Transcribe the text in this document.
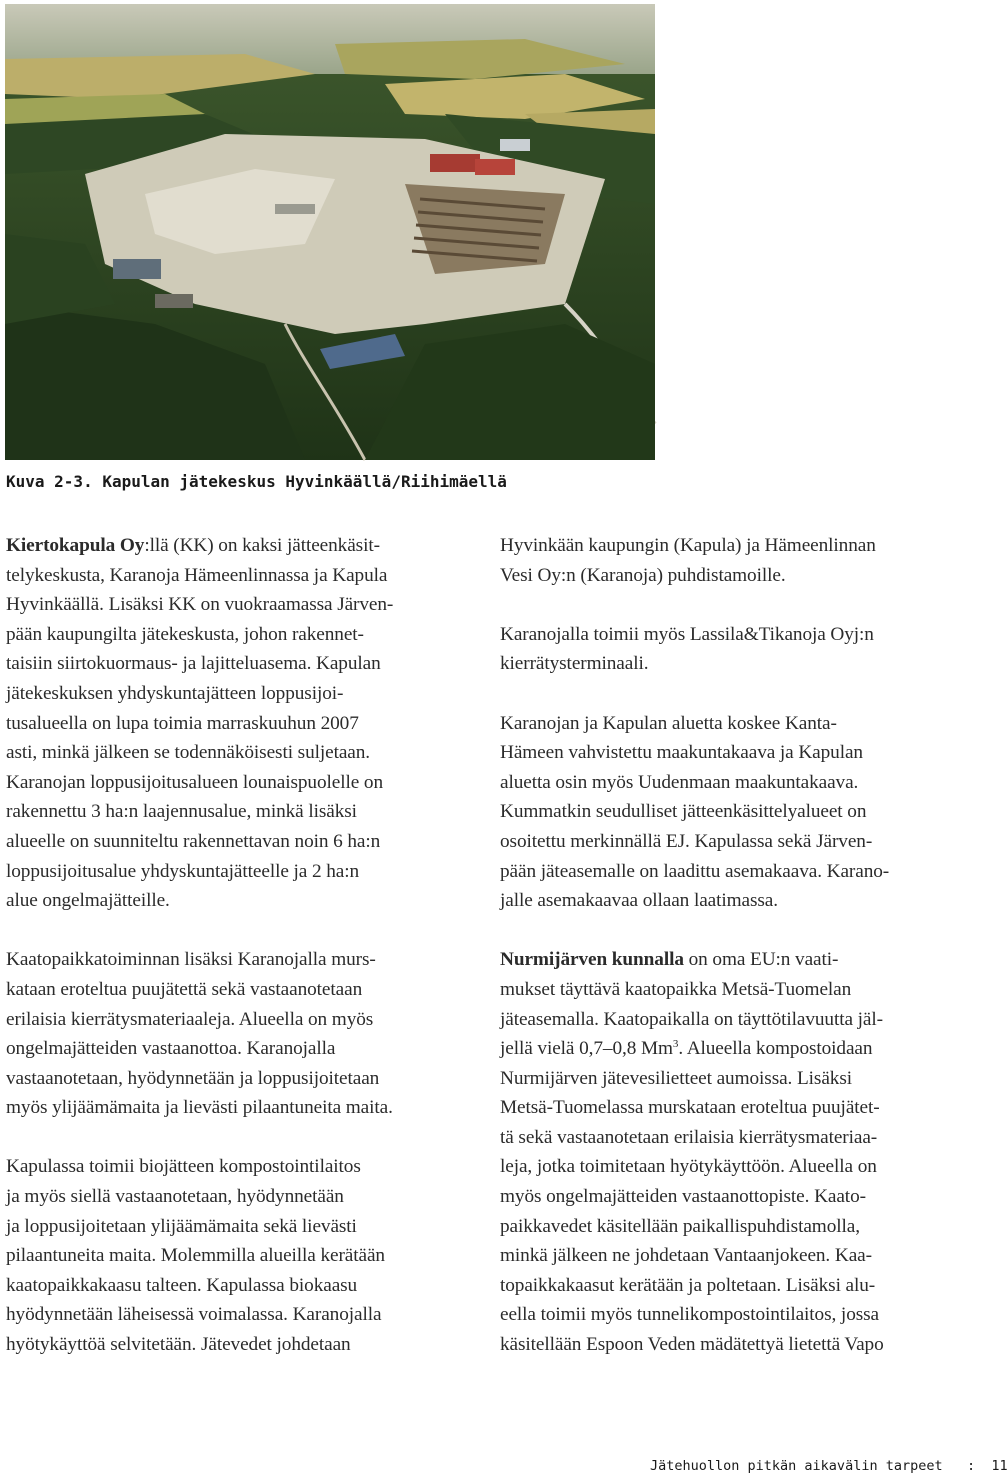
Kuva 2-3. Kapulan jätekeskus Hyvinkäällä/Riihimäellä

Kiertokapula Oy:llä (KK) on kaksi jätteenkäsit-
telykeskusta, Karanoja Hämeenlinnassa ja Kapula
Hyvinkäällä. Lisäksi KK on vuokraamassa Järven-
pään kaupungilta jätekeskusta, johon rakennet-
taisiin siirtokuormaus- ja lajitteluasema. Kapulan
jätekeskuksen yhdyskuntajätteen loppusijoi-
tusalueella on lupa toimia marraskuuhun 2007
asti, minkä jälkeen se todennäköisesti suljetaan.
Karanojan loppusijoitusalueen lounaispuolelle on
rakennettu 3 ha:n laajennusalue, minkä lisäksi
alueelle on suunniteltu rakennettavan noin 6 ha:n
loppusijoitusalue yhdyskuntajätteelle ja 2 ha:n
alue ongelmajätteille.

Kaatopaikkatoiminnan lisäksi Karanojalla murs-
kataan eroteltua puujätettä sekä vastaanotetaan
erilaisia kierrätysmateriaaleja. Alueella on myös
ongelmajätteiden vastaanottoa. Karanojalla
vastaanotetaan, hyödynnetään ja loppusijoitetaan
myös ylijäämämaita ja lievästi pilaantuneita maita.

Kapulassa toimii biojätteen kompostointilaitos
ja myös siellä vastaanotetaan, hyödynnetään
ja loppusijoitetaan ylijäämämaita sekä lievästi
pilaantuneita maita. Molemmilla alueilla kerätään
kaatopaikkakaasu talteen. Kapulassa biokaasu
hyödynnetään läheisessä voimalassa. Karanojalla
hyötykäyttöä selvitetään. Jätevedet johdetaan

Hyvinkään kaupungin (Kapula) ja Hämeenlinnan
Vesi Oy:n (Karanoja) puhdistamoille.

Karanojalla toimii myös Lassila&Tikanoja Oyj:n
kierrätysterminaali.

Karanojan ja Kapulan aluetta koskee Kanta-
Hämeen vahvistettu maakuntakaava ja Kapulan
aluetta osin myös Uudenmaan maakuntakaava.
Kummatkin seudulliset jätteenkäsittelyalueet on
osoitettu merkinnällä EJ. Kapulassa sekä Järven-
pään jäteasemalle on laadittu asemakaava. Karano-
jalle asemakaavaa ollaan laatimassa.

Nurmijärven kunnalla on oma EU:n vaati-
mukset täyttävä kaatopaikka Metsä-Tuomelan
jäteasemalla. Kaatopaikalla on täyttötilavuutta jäl-
jellä vielä 0,7–0,8 Mm$^3$. Alueella kompostoidaan
Nurmijärven jätevesilietteet aumoissa. Lisäksi
Metsä-Tuomelassa murskataan eroteltua puujätet-
tä sekä vastaanotetaan erilaisia kierrätysmateriaa-
leja, jotka toimitetaan hyötykäyttöön. Alueella on
myös ongelmajätteiden vastaanottopiste. Kaato-
paikkavedet käsitellään paikallispuhdistamolla,
minkä jälkeen ne johdetaan Vantaanjokeen. Kaa-
topaikkakaasut kerätään ja poltetaan. Lisäksi alu-
eella toimii myös tunnelikompostointilaitos, jossa
käsitellään Espoon Veden mädätettyä lietettä Vapo

Jätehuollon pitkän aikavälin tarpeet   :  11
